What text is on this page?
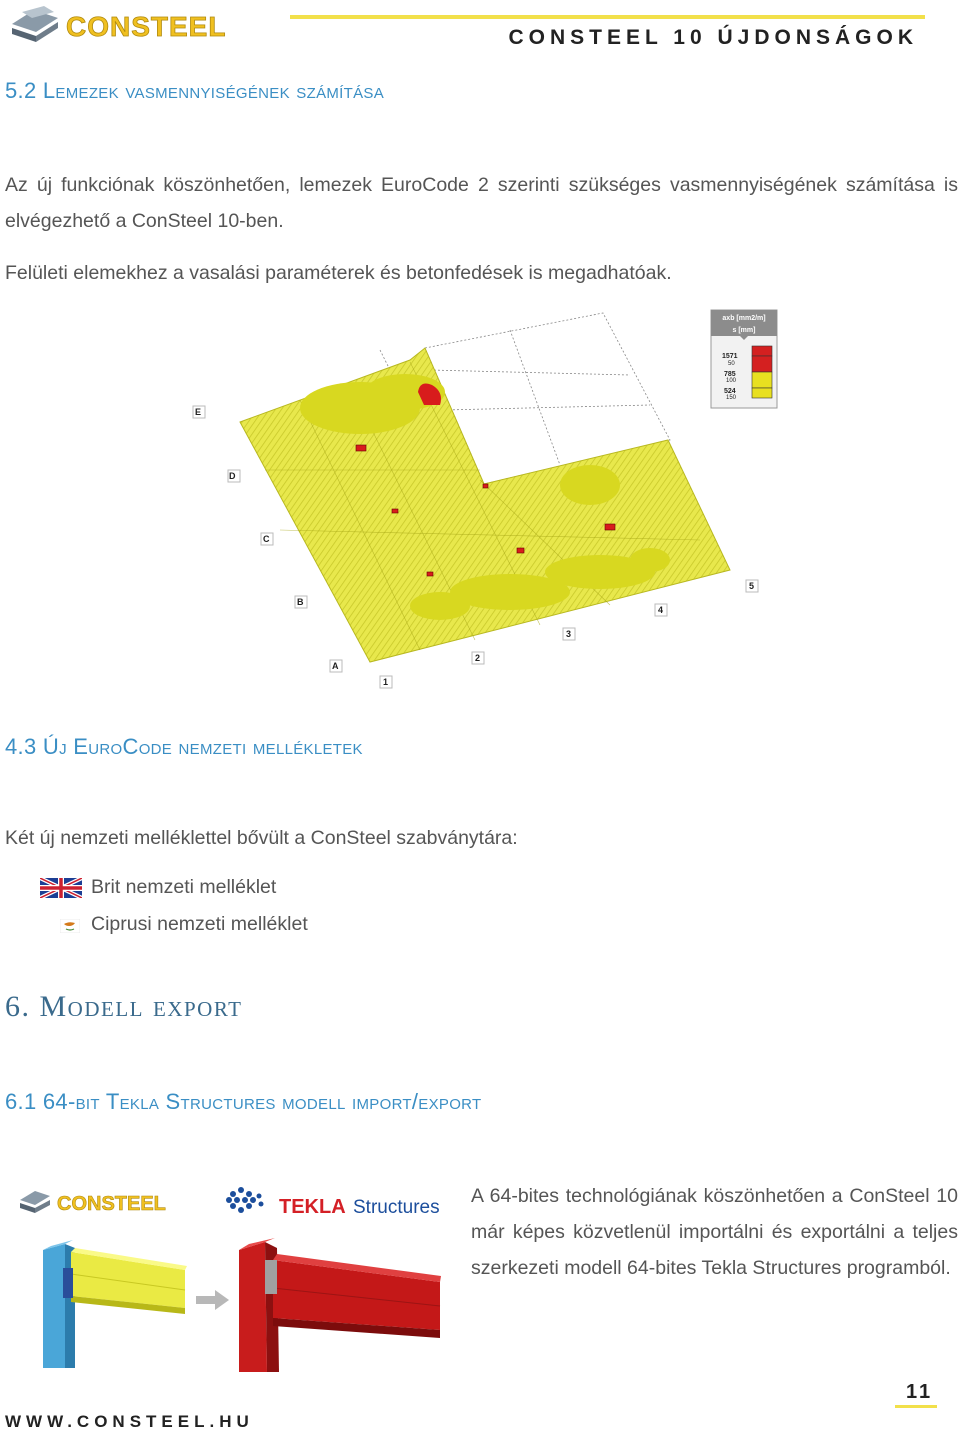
CONSTEEL	CONSTEEL 10 ÚJDONSÁGOK
5.2 Lemezek vasmennyiségének számítása
Az új funkciónak köszönhetően, lemezek EuroCode 2 szerinti szükséges vasmennyiségének számítása is elvégezhető a ConSteel 10-ben.
Felületi elemekhez a vasalási paraméterek és betonfedések is megadhatóak.
E
D
C
B
A
1
2
3
4
5
axb [mm2/m]
s [mm]
1571
50
785
100
524
150
4.3 Új EuroCode nemzeti mellékletek
Két új nemzeti melléklettel bővült a ConSteel szabványtára:
Brit nemzeti melléklet
Ciprusi nemzeti melléklet
6. Modell export
6.1 64-bit Tekla Structures modell import/export
CONSTEEL	TEKLA Structures
A 64-bites technológiának köszönhetően a ConSteel 10 már képes közvetlenül importálni és exportálni a teljes szerkezeti modell 64-bites Tekla Structures programból.
11
WWW.CONSTEEL.HU
